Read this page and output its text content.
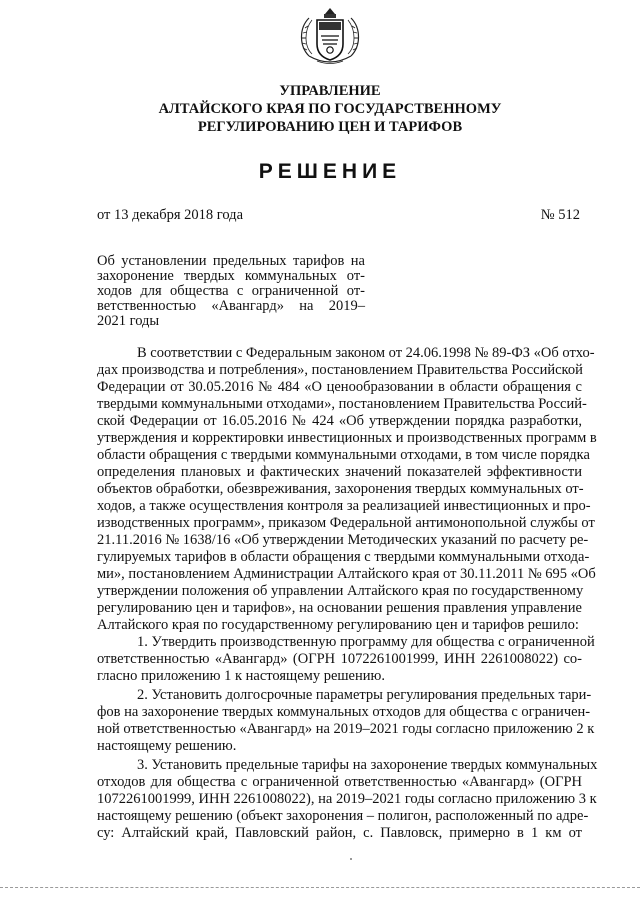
УПРАВЛЕНИЕ
АЛТАЙСКОГО КРАЯ ПО ГОСУДАРСТВЕННОМУ
РЕГУЛИРОВАНИЮ ЦЕН И ТАРИФОВ
РЕШЕНИЕ
от 13 декабря 2018 года	№ 512
Об установлении предельных тарифов на
захоронение твердых коммунальных от-
ходов для общества с ограниченной от-
ветственностью «Авангард» на 2019–
2021 годы
В соответствии с Федеральным законом от 24.06.1998 № 89-ФЗ «Об отхо-
дах производства и потребления», постановлением Правительства Российской
Федерации от 30.05.2016 № 484 «О ценообразовании в области обращения с
твердыми коммунальными отходами», постановлением Правительства Россий-
ской Федерации от 16.05.2016 № 424 «Об утверждении порядка разработки,
утверждения и корректировки инвестиционных и производственных программ в
области обращения с твердыми коммунальными отходами, в том числе порядка
определения плановых и фактических значений показателей эффективности
объектов обработки, обезвреживания, захоронения твердых коммунальных от-
ходов, а также осуществления контроля за реализацией инвестиционных и про-
изводственных программ», приказом Федеральной антимонопольной службы от
21.11.2016 № 1638/16 «Об утверждении Методических указаний по расчету ре-
гулируемых тарифов в области обращения с твердыми коммунальными отхода-
ми», постановлением Администрации Алтайского края от 30.11.2011 № 695 «Об
утверждении положения об управлении Алтайского края по государственному
регулированию цен и тарифов», на основании решения правления управление
Алтайского края по государственному регулированию цен и тарифов решило:
1. Утвердить производственную программу для общества с ограниченной
ответственностью «Авангард» (ОГРН 1072261001999, ИНН 2261008022) со-
гласно приложению 1 к настоящему решению.
2. Установить долгосрочные параметры регулирования предельных тари-
фов на захоронение твердых коммунальных отходов для общества с ограничен-
ной ответственностью «Авангард» на 2019–2021 годы согласно приложению 2 к
настоящему решению.
3. Установить предельные тарифы на захоронение твердых коммунальных
отходов для общества с ограниченной ответственностью «Авангард» (ОГРН
1072261001999, ИНН 2261008022), на 2019–2021 годы согласно приложению 3 к
настоящему решению (объект захоронения – полигон, расположенный по адре-
су: Алтайский край, Павловский район, с. Павловск, примерно в 1 км от
